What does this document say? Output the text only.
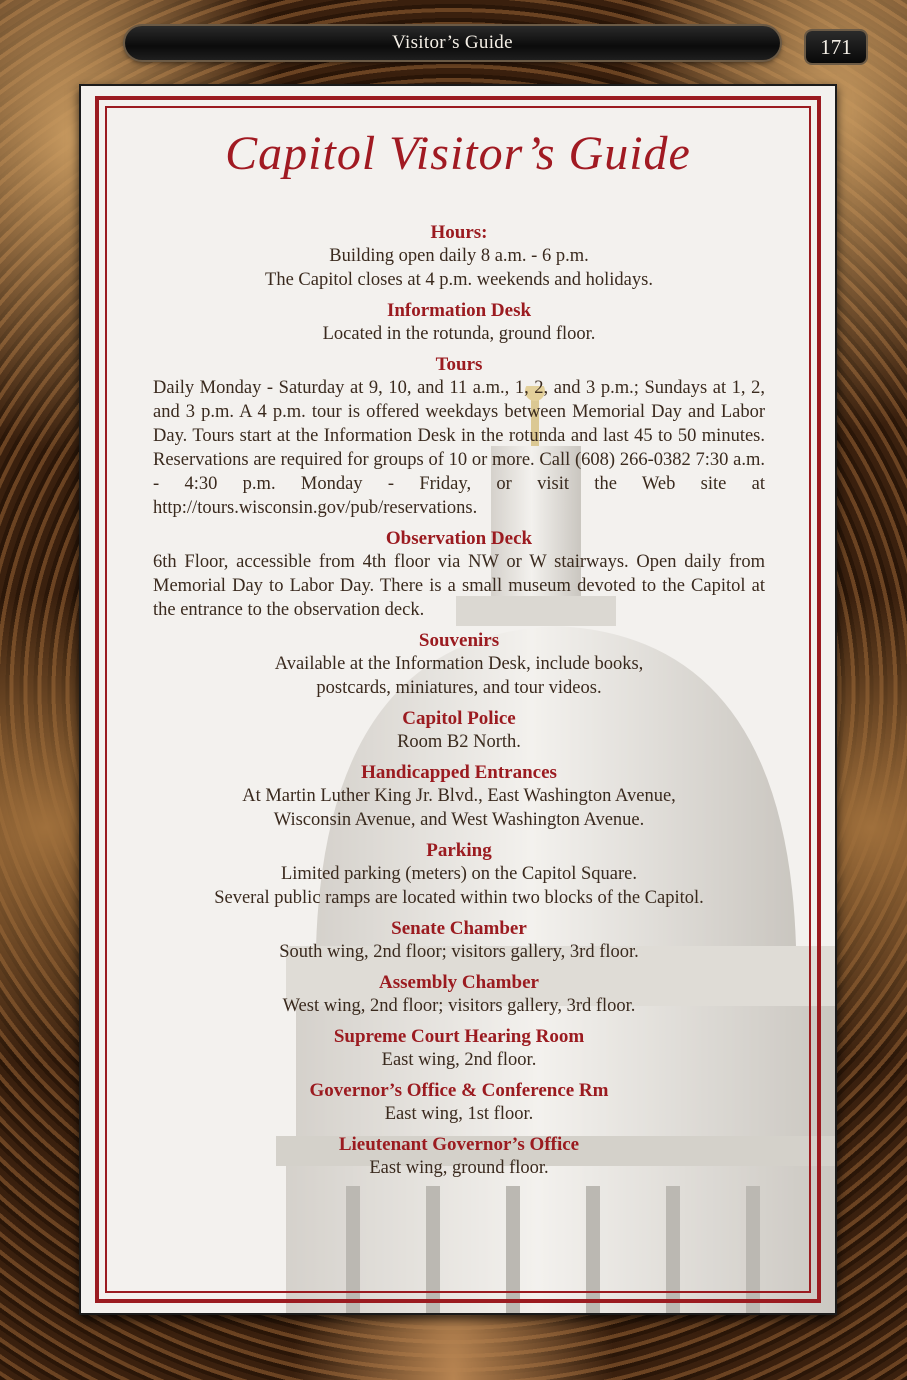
Visitor’s Guide	171
Capitol Visitor’s Guide
Hours:

Building open daily 8 a.m. - 6 p.m.

The Capitol closes at 4 p.m. weekends and holidays.

Information Desk

Located in the rotunda, ground floor.

Tours

Daily Monday - Saturday at 9, 10, and 11 a.m., 1, 2, and 3 p.m.; Sundays at 1, 2, and 3 p.m. A 4 p.m. tour is offered weekdays between Memorial Day and Labor Day. Tours start at the Information Desk in the rotunda and last 45 to 50 minutes. Reservations are required for groups of 10 or more. Call (608) 266-0382 7:30 a.m. - 4:30 p.m. Monday - Friday, or visit the Web site at http://tours.wisconsin.gov/pub/reservations.

Observation Deck

6th Floor, accessible from 4th floor via NW or W stairways. Open daily from Memorial Day to Labor Day. There is a small museum devoted to the Capitol at the entrance to the observation deck.

Souvenirs

Available at the Information Desk, include books,

postcards, miniatures, and tour videos.

Capitol Police

Room B2 North.

Handicapped Entrances

At Martin Luther King Jr. Blvd., East Washington Avenue,

Wisconsin Avenue, and West Washington Avenue.

Parking

Limited parking (meters) on the Capitol Square.

Several public ramps are located within two blocks of the Capitol.

Senate Chamber

South wing, 2nd floor; visitors gallery, 3rd floor.

Assembly Chamber

West wing, 2nd floor; visitors gallery, 3rd floor.

Supreme Court Hearing Room

East wing, 2nd floor.

Governor’s Office & Conference Rm

East wing, 1st floor.

Lieutenant Governor’s Office

East wing, ground floor.
